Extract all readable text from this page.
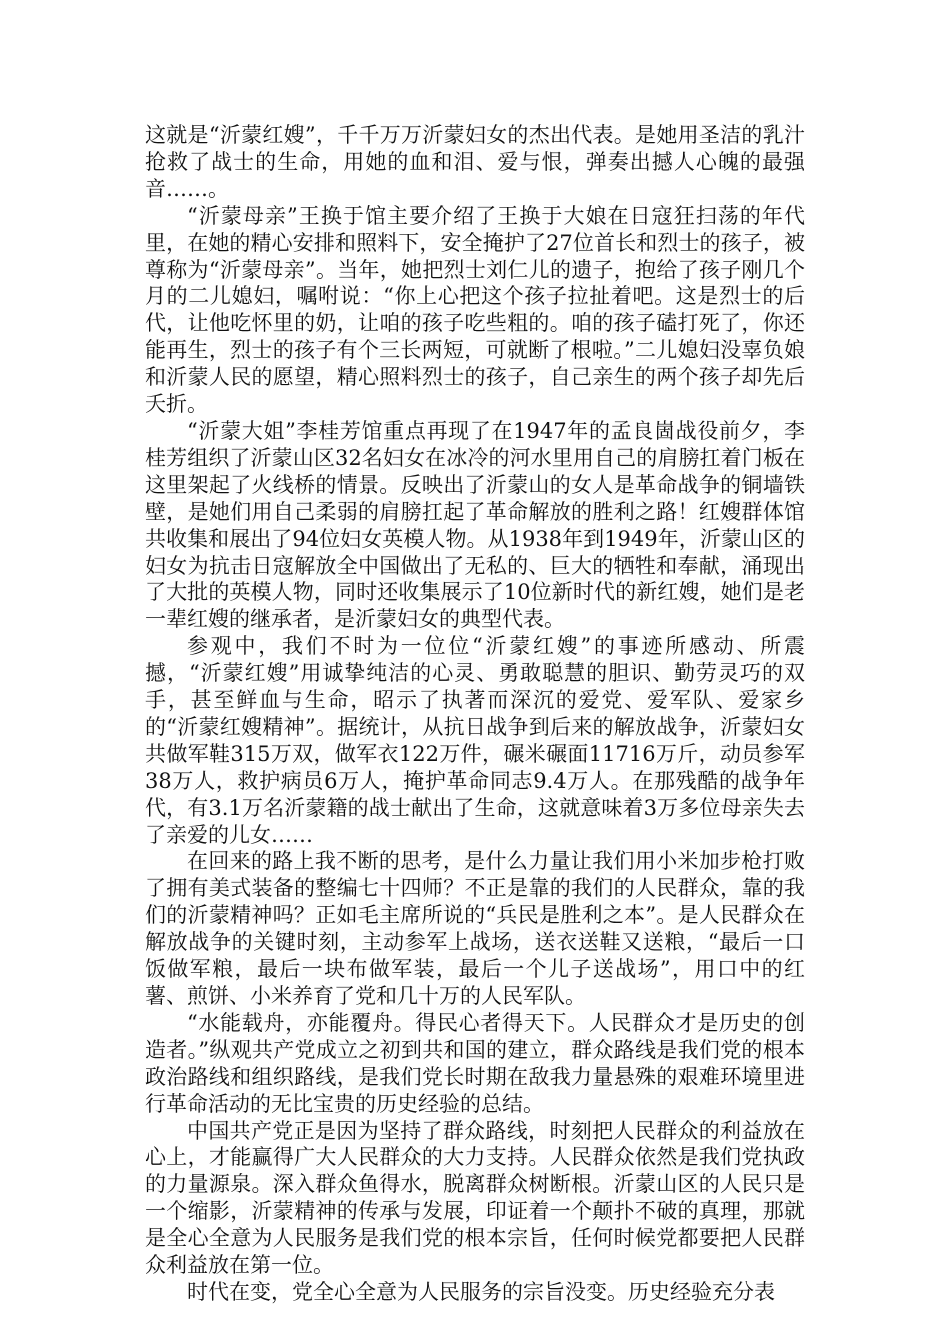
这就是“沂蒙红嫂”，千千万万沂蒙妇女的杰出代表。是她用圣洁的乳汁抢救了战士的生命，用她的血和泪、爱与恨，弹奏出撼人心魄的最强音……。

“沂蒙母亲”王换于馆主要介绍了王换于大娘在日寇狂扫荡的年代里，在她的精心安排和照料下，安全掩护了27位首长和烈士的孩子，被尊称为“沂蒙母亲”。当年，她把烈士刘仁儿的遗子，抱给了孩子刚几个月的二儿媳妇，嘱咐说：“你上心把这个孩子拉扯着吧。这是烈士的后代，让他吃怀里的奶，让咱的孩子吃些粗的。咱的孩子磕打死了，你还能再生，烈士的孩子有个三长两短，可就断了根啦。”二儿媳妇没辜负娘和沂蒙人民的愿望，精心照料烈士的孩子，自己亲生的两个孩子却先后夭折。

“沂蒙大姐”李桂芳馆重点再现了在1947年的孟良崮战役前夕，李桂芳组织了沂蒙山区32名妇女在冰冷的河水里用自己的肩膀扛着门板在这里架起了火线桥的情景。反映出了沂蒙山的女人是革命战争的铜墙铁壁，是她们用自己柔弱的肩膀扛起了革命解放的胜利之路！红嫂群体馆共收集和展出了94位妇女英模人物。从1938年到1949年，沂蒙山区的妇女为抗击日寇解放全中国做出了无私的、巨大的牺牲和奉献，涌现出了大批的英模人物，同时还收集展示了10位新时代的新红嫂，她们是老一辈红嫂的继承者，是沂蒙妇女的典型代表。

参观中，我们不时为一位位“沂蒙红嫂”的事迹所感动、所震撼，“沂蒙红嫂”用诚挚纯洁的心灵、勇敢聪慧的胆识、勤劳灵巧的双手，甚至鲜血与生命，昭示了执著而深沉的爱党、爱军队、爱家乡的“沂蒙红嫂精神”。据统计，从抗日战争到后来的解放战争，沂蒙妇女共做军鞋315万双，做军衣122万件，碾米碾面11716万斤，动员参军38万人，救护病员6万人，掩护革命同志9.4万人。在那残酷的战争年代，有3.1万名沂蒙籍的战士献出了生命，这就意味着3万多位母亲失去了亲爱的儿女……

在回来的路上我不断的思考，是什么力量让我们用小米加步枪打败了拥有美式装备的整编七十四师？不正是靠的我们的人民群众，靠的我们的沂蒙精神吗？正如毛主席所说的“兵民是胜利之本”。是人民群众在解放战争的关键时刻，主动参军上战场，送衣送鞋又送粮，“最后一口饭做军粮，最后一块布做军装，最后一个儿子送战场”，用口中的红薯、煎饼、小米养育了党和几十万的人民军队。

“水能载舟，亦能覆舟。得民心者得天下。人民群众才是历史的创造者。”纵观共产党成立之初到共和国的建立，群众路线是我们党的根本政治路线和组织路线，是我们党长时期在敌我力量悬殊的艰难环境里进行革命活动的无比宝贵的历史经验的总结。

中国共产党正是因为坚持了群众路线，时刻把人民群众的利益放在心上，才能赢得广大人民群众的大力支持。人民群众依然是我们党执政的力量源泉。深入群众鱼得水，脱离群众树断根。沂蒙山区的人民只是一个缩影，沂蒙精神的传承与发展，印证着一个颠扑不破的真理，那就是全心全意为人民服务是我们党的根本宗旨，任何时候党都要把人民群众利益放在第一位。

时代在变，党全心全意为人民服务的宗旨没变。历史经验充分表
